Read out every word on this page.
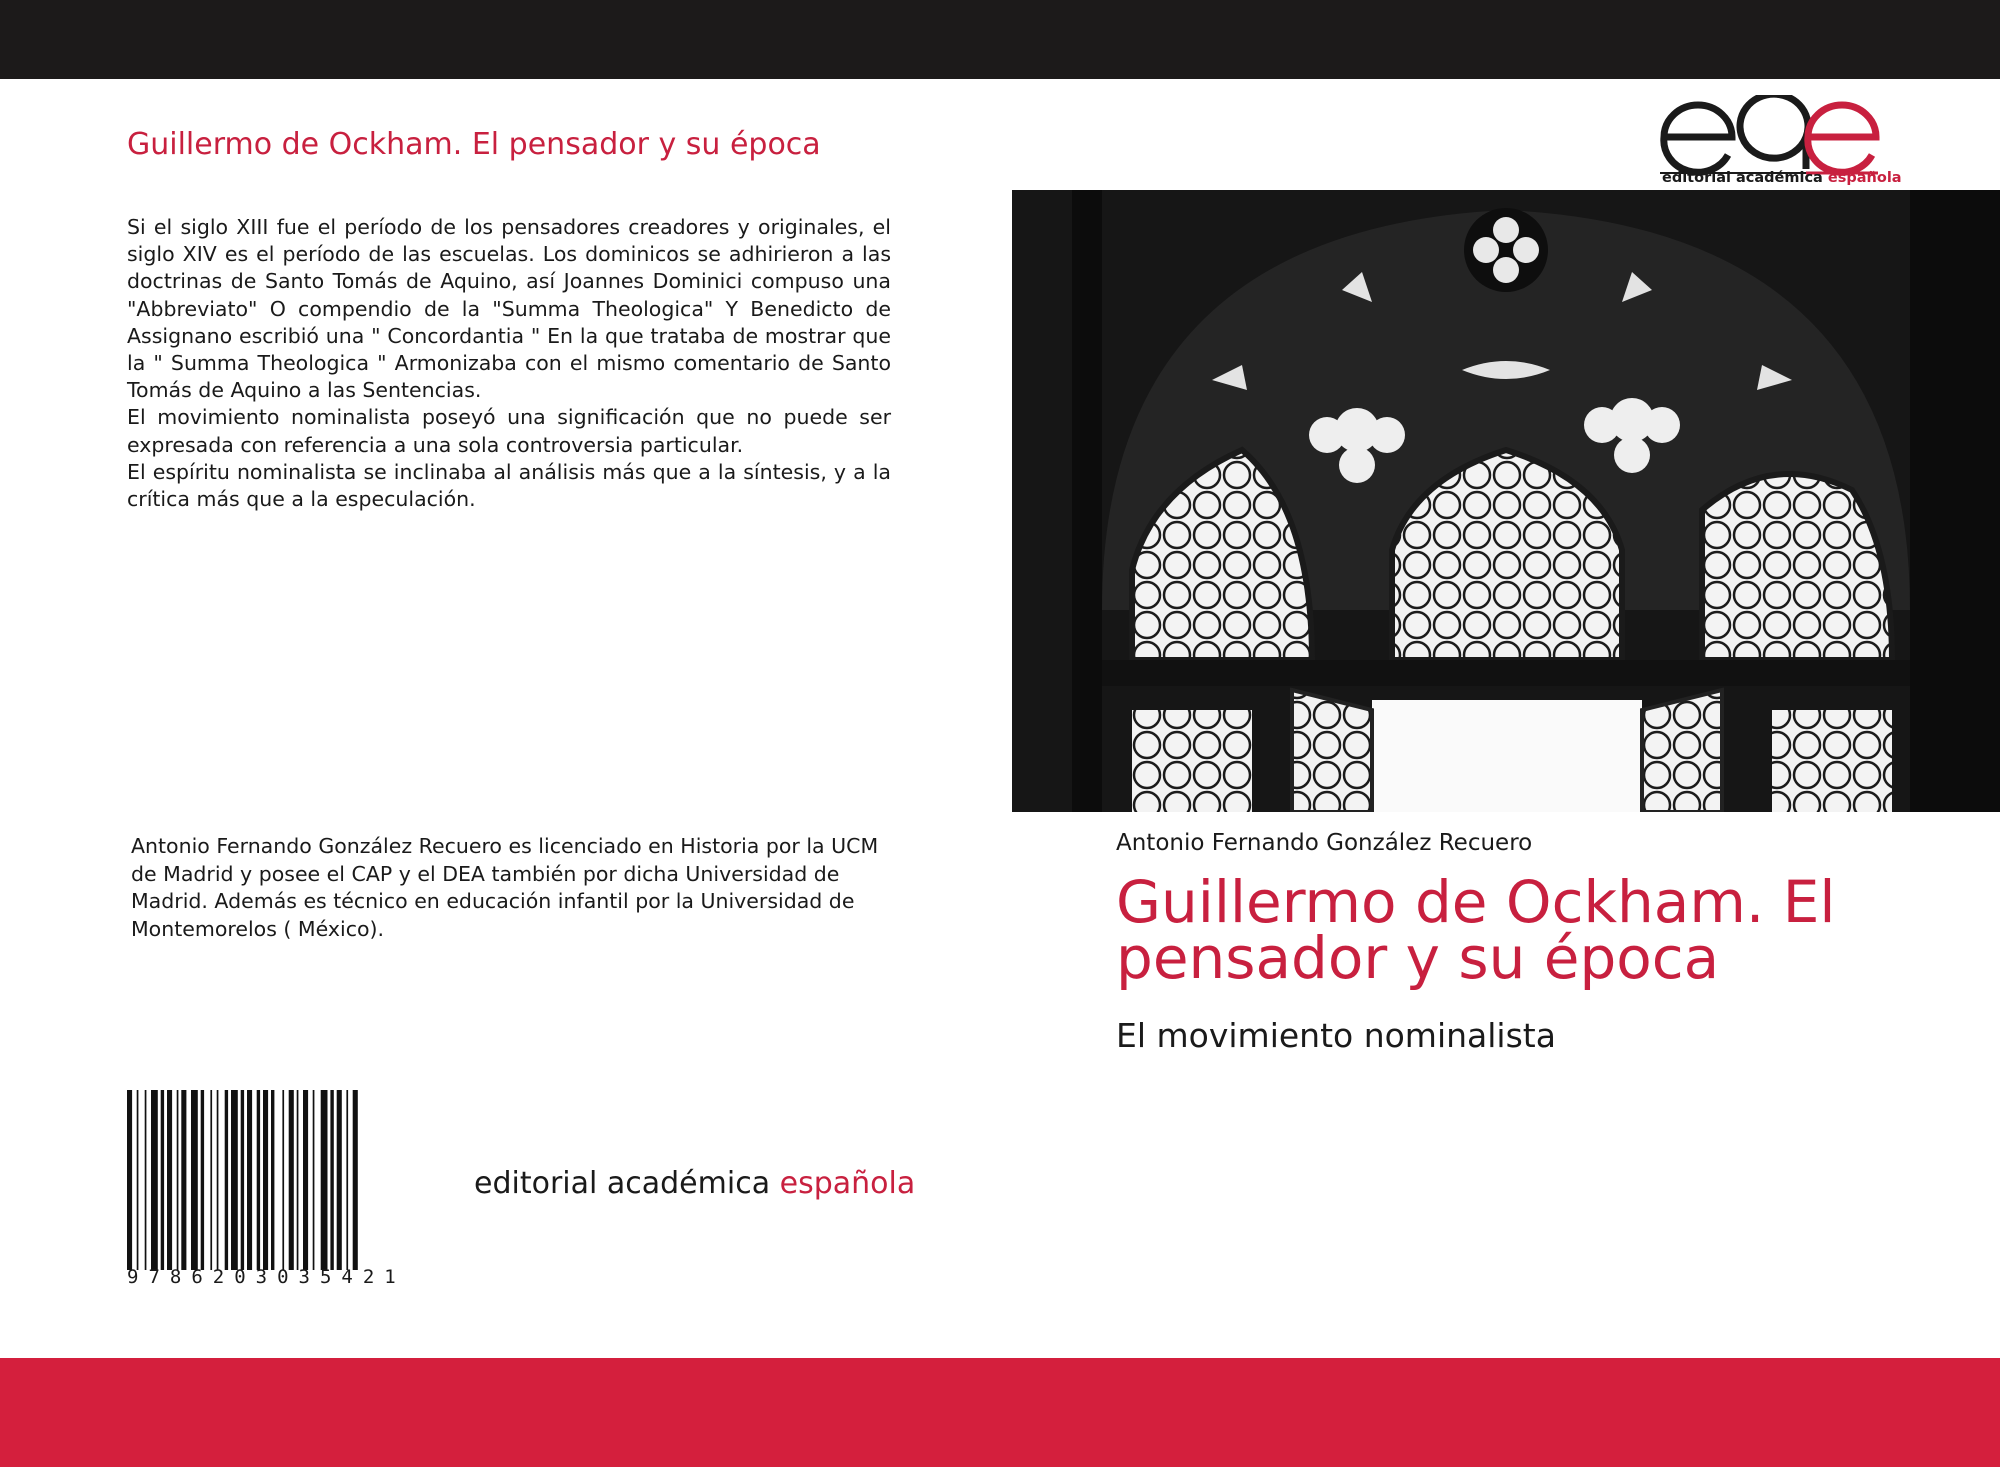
Guillermo de Ockham. El pensador y su época

Si el siglo XIII fue el período de los pensadores creadores y originales, el siglo XIV es el período de las escuelas. Los dominicos se adhirieron a las doctrinas de Santo Tomás de Aquino, así Joannes Dominici compuso una "Abbreviato" O compendio de la "Summa Theologica" Y Benedicto de Assignano escribió una " Concordantia " En la que trataba de mostrar que la " Summa Theologica " Armonizaba con el mismo comentario de Santo Tomás de Aquino a las Sentencias.

El movimiento nominalista poseyó una significación que no puede ser expresada con referencia a una sola controversia particular.

El espíritu nominalista se inclinaba al análisis más que a la síntesis, y a la crítica más que a la especulación.

Antonio Fernando González Recuero es licenciado en Historia por la UCM de Madrid y posee el CAP y el DEA también por dicha Universidad de Madrid. Además es técnico en educación infantil por la Universidad de Montemorelos ( México).
9786203035421
editorial académica española
editorial académica española
Antonio Fernando González Recuero
Guillermo de Ockham. El pensador y su época
El movimiento nominalista
